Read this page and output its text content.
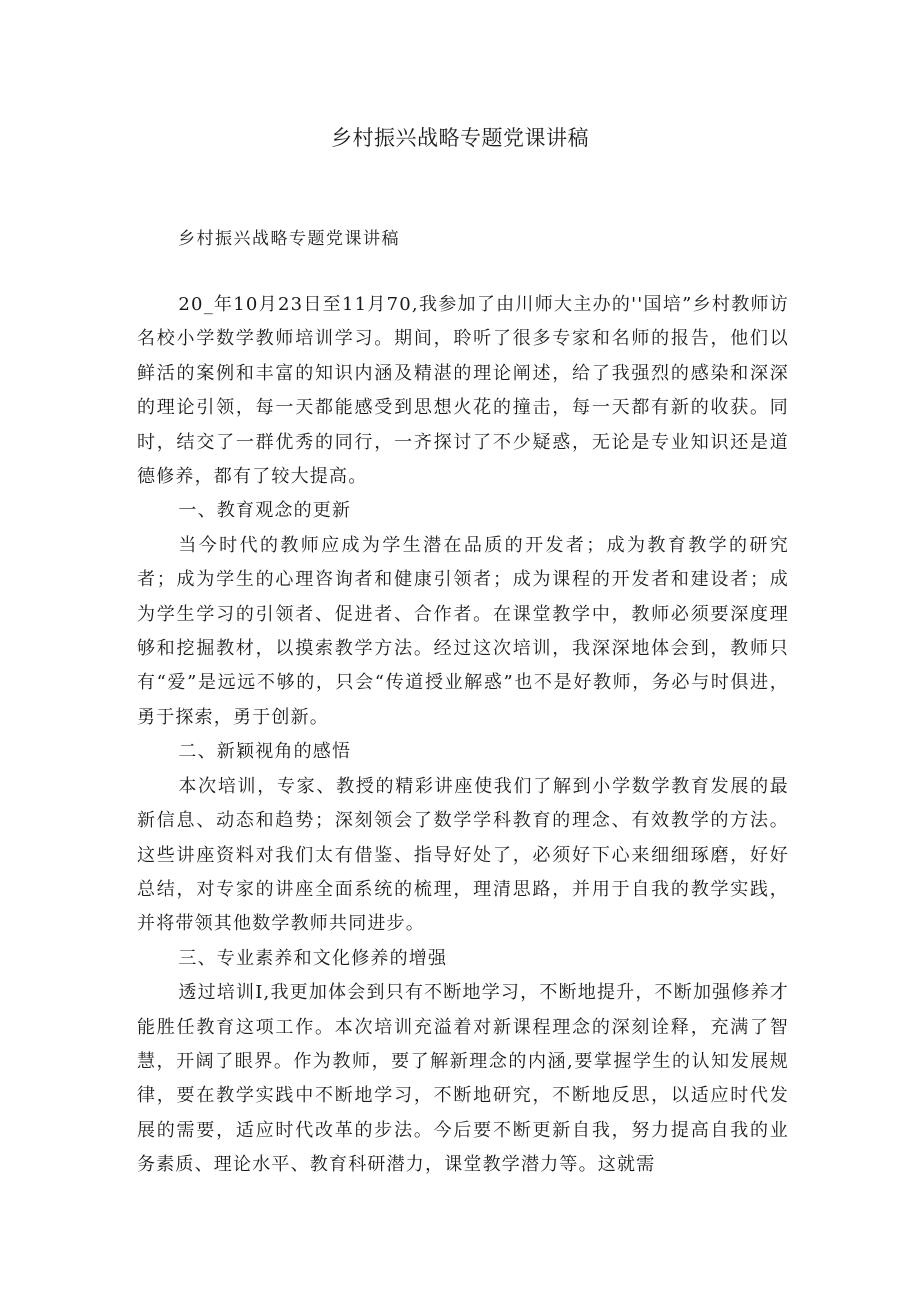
乡村振兴战略专题党课讲稿

乡村振兴战略专题党课讲稿

20_年10月23日至11月70,我参加了由川师大主办的''国培”乡村教师访名校小学数学教师培训学习。期间，聆听了很多专家和名师的报告，他们以鲜活的案例和丰富的知识内涵及精湛的理论阐述，给了我强烈的感染和深深的理论引领，每一天都能感受到思想火花的撞击，每一天都有新的收获。同时，结交了一群优秀的同行，一齐探讨了不少疑惑，无论是专业知识还是道德修养，都有了较大提高。

一、教育观念的更新

当今时代的教师应成为学生潜在品质的开发者；成为教育教学的研究者；成为学生的心理咨询者和健康引领者；成为课程的开发者和建设者；成为学生学习的引领者、促进者、合作者。在课堂教学中，教师必须要深度理够和挖掘教材，以摸索教学方法。经过这次培训，我深深地体会到，教师只有“爱”是远远不够的，只会“传道授业解惑”也不是好教师，务必与时俱进，勇于探索，勇于创新。

二、新颖视角的感悟

本次培训，专家、教授的精彩讲座使我们了解到小学数学教育发展的最新信息、动态和趋势；深刻领会了数学学科教育的理念、有效教学的方法。这些讲座资料对我们太有借鉴、指导好处了，必须好下心来细细琢磨，好好总结，对专家的讲座全面系统的梳理，理清思路，并用于自我的教学实践，并将带领其他数学教师共同进步。

三、专业素养和文化修养的增强

透过培训I,我更加体会到只有不断地学习，不断地提升，不断加强修养才能胜任教育这项工作。本次培训充溢着对新课程理念的深刻诠释，充满了智慧，开阔了眼界。作为教师，要了解新理念的内涵,要掌握学生的认知发展规律，要在教学实践中不断地学习，不断地研究，不断地反思，以适应时代发展的需要，适应时代改革的步法。今后要不断更新自我，努力提高自我的业务素质、理论水平、教育科研潜力，课堂教学潜力等。这就需
